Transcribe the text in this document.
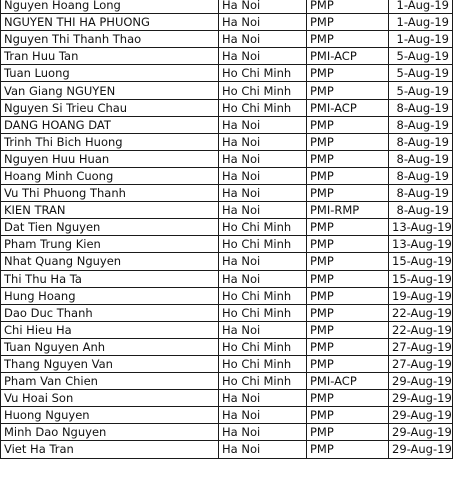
Nguyen Hoang Long	Ha Noi	PMP	1-Aug-19
NGUYEN THI HA PHUONG	Ha Noi	PMP	1-Aug-19
Nguyen Thi Thanh Thao	Ha Noi	PMP	1-Aug-19
Tran Huu Tan	Ha Noi	PMI-ACP	5-Aug-19
Tuan Luong	Ho Chi Minh	PMP	5-Aug-19
Van Giang NGUYEN	Ho Chi Minh	PMP	5-Aug-19
Nguyen Si Trieu Chau	Ho Chi Minh	PMI-ACP	8-Aug-19
DANG HOANG DAT	Ha Noi	PMP	8-Aug-19
Trinh Thi Bich Huong	Ha Noi	PMP	8-Aug-19
Nguyen Huu Huan	Ha Noi	PMP	8-Aug-19
Hoang Minh Cuong	Ha Noi	PMP	8-Aug-19
Vu Thi Phuong Thanh	Ha Noi	PMP	8-Aug-19
KIEN TRAN	Ha Noi	PMI-RMP	8-Aug-19
Dat Tien Nguyen	Ho Chi Minh	PMP	13-Aug-19
Pham Trung Kien	Ho Chi Minh	PMP	13-Aug-19
Nhat Quang Nguyen	Ha Noi	PMP	15-Aug-19
Thi Thu Ha Ta	Ha Noi	PMP	15-Aug-19
Hung Hoang	Ho Chi Minh	PMP	19-Aug-19
Dao Duc Thanh	Ho Chi Minh	PMP	22-Aug-19
Chi Hieu Ha	Ha Noi	PMP	22-Aug-19
Tuan Nguyen Anh	Ho Chi Minh	PMP	27-Aug-19
Thang Nguyen Van	Ho Chi Minh	PMP	27-Aug-19
Pham Van Chien	Ho Chi Minh	PMI-ACP	29-Aug-19
Vu Hoai Son	Ha Noi	PMP	29-Aug-19
Huong Nguyen	Ha Noi	PMP	29-Aug-19
Minh Dao Nguyen	Ha Noi	PMP	29-Aug-19
Viet Ha Tran	Ha Noi	PMP	29-Aug-19
